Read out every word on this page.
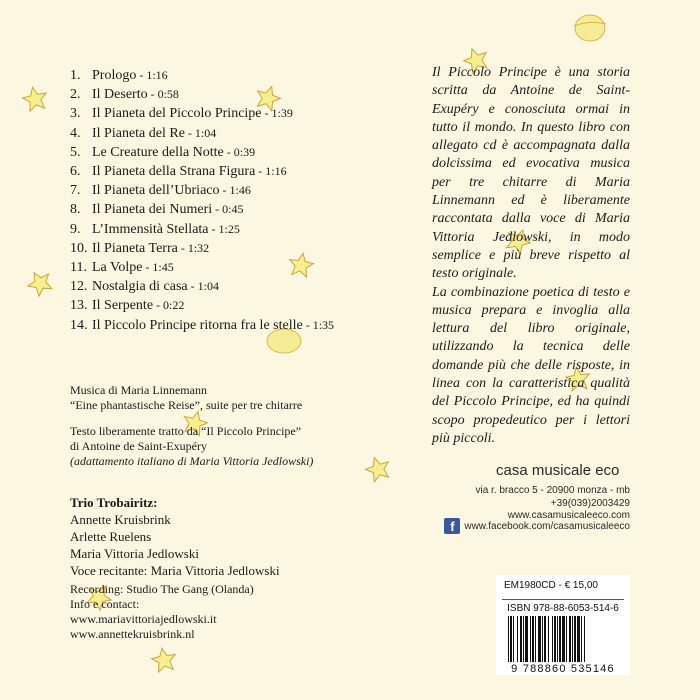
1. Prologo - 1:16
2. Il Deserto - 0:58
3. Il Pianeta del Piccolo Principe - 1:39
4. Il Pianeta del Re - 1:04
5. Le Creature della Notte - 0:39
6. Il Pianeta della Strana Figura - 1:16
7. Il Pianeta dell’Ubriaco - 1:46
8. Il Pianeta dei Numeri - 0:45
9. L’Immensità Stellata - 1:25
10. Il Pianeta Terra - 1:32
11. La Volpe - 1:45
12. Nostalgia di casa - 1:04
13. Il Serpente - 0:22
14. Il Piccolo Principe ritorna fra le stelle - 1:35

Il Piccolo Principe è una storia scritta da Antoine de Saint-Exupéry e conosciuta ormai in tutto il mondo. In questo libro con allegato cd è accompagnata dalla dolcissima ed evocativa musica per tre chitarre di Maria Linnemann ed è liberamente raccontata dalla voce di Maria Vittoria Jedlowski, in modo semplice e più breve rispetto al testo originale.

La combinazione poetica di testo e musica prepara e invoglia alla lettura del libro originale, utilizzando la tecnica delle domande più che delle risposte, in linea con la caratteristica qualità del Piccolo Principe, ed ha quindi scopo propedeutico per i lettori più piccoli.

Musica di Maria Linnemann
“Eine phantastische Reise”, suite per tre chitarre
Testo liberamente tratto da “Il Piccolo Principe”
di Antoine de Saint-Exupéry
(adattamento italiano di Maria Vittoria Jedlowski)
Trio Trobairitz:
Annette Kruisbrink
Arlette Ruelens
Maria Vittoria Jedlowski
Voce recitante: Maria Vittoria Jedlowski
Recording: Studio The Gang (Olanda)
Info e contact:
www.mariavittoriajedlowski.it
www.annettekruisbrink.nl
casa musicale eco
via r. bracco 5 - 20900 monza - mb
+39(039)2003429
www.casamusicaleeco.com
f www.facebook.com/casamusicaleeco
EM1980CD - € 15,00
ISBN 978-88-6053-514-6
9 788860 535146
